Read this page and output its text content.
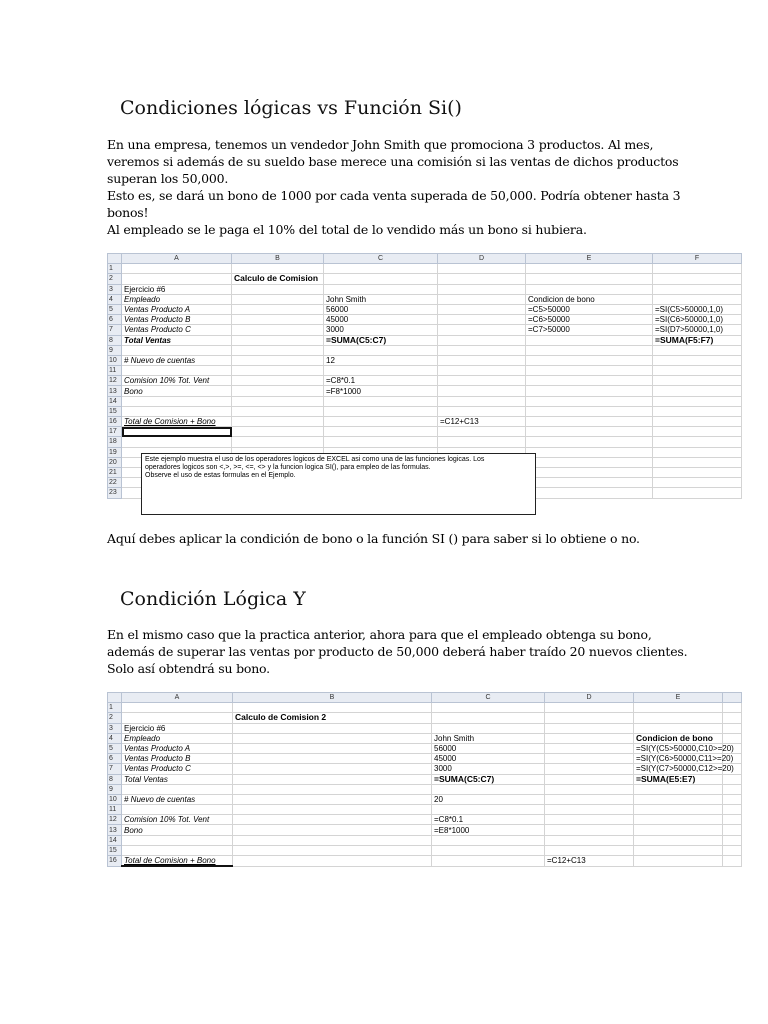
Condiciones lógicas vs Función Si()
En una empresa, tenemos un vendedor John Smith que promociona 3 productos. Al mes,
veremos si además de su sueldo base merece una comisión si las ventas de dichos productos
superan los 50,000.
Esto es, se dará un bono de 1000 por cada venta superada de 50,000. Podría obtener hasta 3
bonos!
Al empleado se le paga el 10% del total de lo vendido más un bono si hubiera.
	A	B	C	D	E	F
1						
2		Calculo de Comision				
3	Ejercicio #6					
4	Empleado		John Smith		Condicion de bono	
5	Ventas Producto A		56000		=C5>50000	=SI(C5>50000,1,0)
6	Ventas Producto B		45000		=C6>50000	=SI(C6>50000,1,0)
7	Ventas Producto C		3000		=C7>50000	=SI(D7>50000,1,0)
8	Total Ventas		=SUMA(C5:C7)			=SUMA(F5:F7)
9						
10	# Nuevo de cuentas		12			
11						
12	Comision 10% Tot. Vent		=C8*0.1			
13	Bono		=F8*1000			
14						
15						
16	Total de Comision + Bono			=C12+C13		
17						
18						
19						
20						
21						
22						
23						
Este ejemplo muestra el uso de los operadores logicos de EXCEL asi como una de las funciones logicas. Los
operadores logicos son <,>, >=, <=, <> y la funcion logica SI(), para empleo de las formulas.
Observe el uso de estas formulas en el Ejemplo.
Aquí debes aplicar la condición de bono o la función SI () para saber si lo obtiene o no.
Condición Lógica Y
En el mismo caso que la practica anterior, ahora para que el empleado obtenga su bono,
además de superar las ventas por producto de 50,000 deberá haber traído 20 nuevos clientes.
Solo así obtendrá su bono.
	A	B	C	D	E	
1						
2		Calculo de Comision 2				
3	Ejercicio #6					
4	Empleado		John Smith		Condicion de bono	
5	Ventas Producto A		56000		=SI(Y(C5>50000,C10>=20)	
6	Ventas Producto B		45000		=SI(Y(C6>50000,C11>=20)	
7	Ventas Producto C		3000		=SI(Y(C7>50000,C12>=20)	
8	Total Ventas		=SUMA(C5:C7)		=SUMA(E5:E7)	
9						
10	# Nuevo de cuentas		20			
11						
12	Comision 10% Tot. Vent		=C8*0.1			
13	Bono		=E8*1000			
14						
15						
16	Total de Comision + Bono			=C12+C13		
